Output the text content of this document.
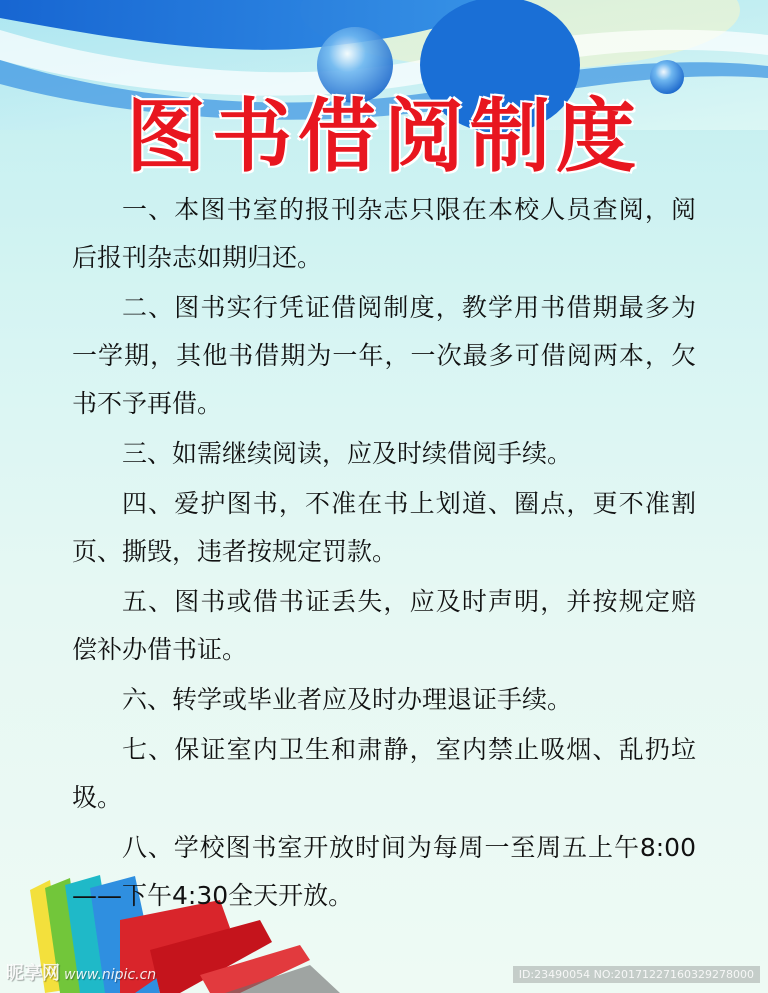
图书借阅制度

一、本图书室的报刊杂志只限在本校人员查阅，阅后报刊杂志如期归还。

二、图书实行凭证借阅制度，教学用书借期最多为一学期，其他书借期为一年，一次最多可借阅两本，欠书不予再借。

三、如需继续阅读，应及时续借阅手续。

四、爱护图书，不准在书上划道、圈点，更不准割页、撕毁，违者按规定罚款。

五、图书或借书证丢失，应及时声明，并按规定赔偿补办借书证。

六、转学或毕业者应及时办理退证手续。

七、保证室内卫生和肃静，室内禁止吸烟、乱扔垃圾。

八、学校图书室开放时间为每周一至周五上午8:00——下午4:30全天开放。

昵享网 www.nipic.cn	ID:23490054 NO:20171227160329278000
